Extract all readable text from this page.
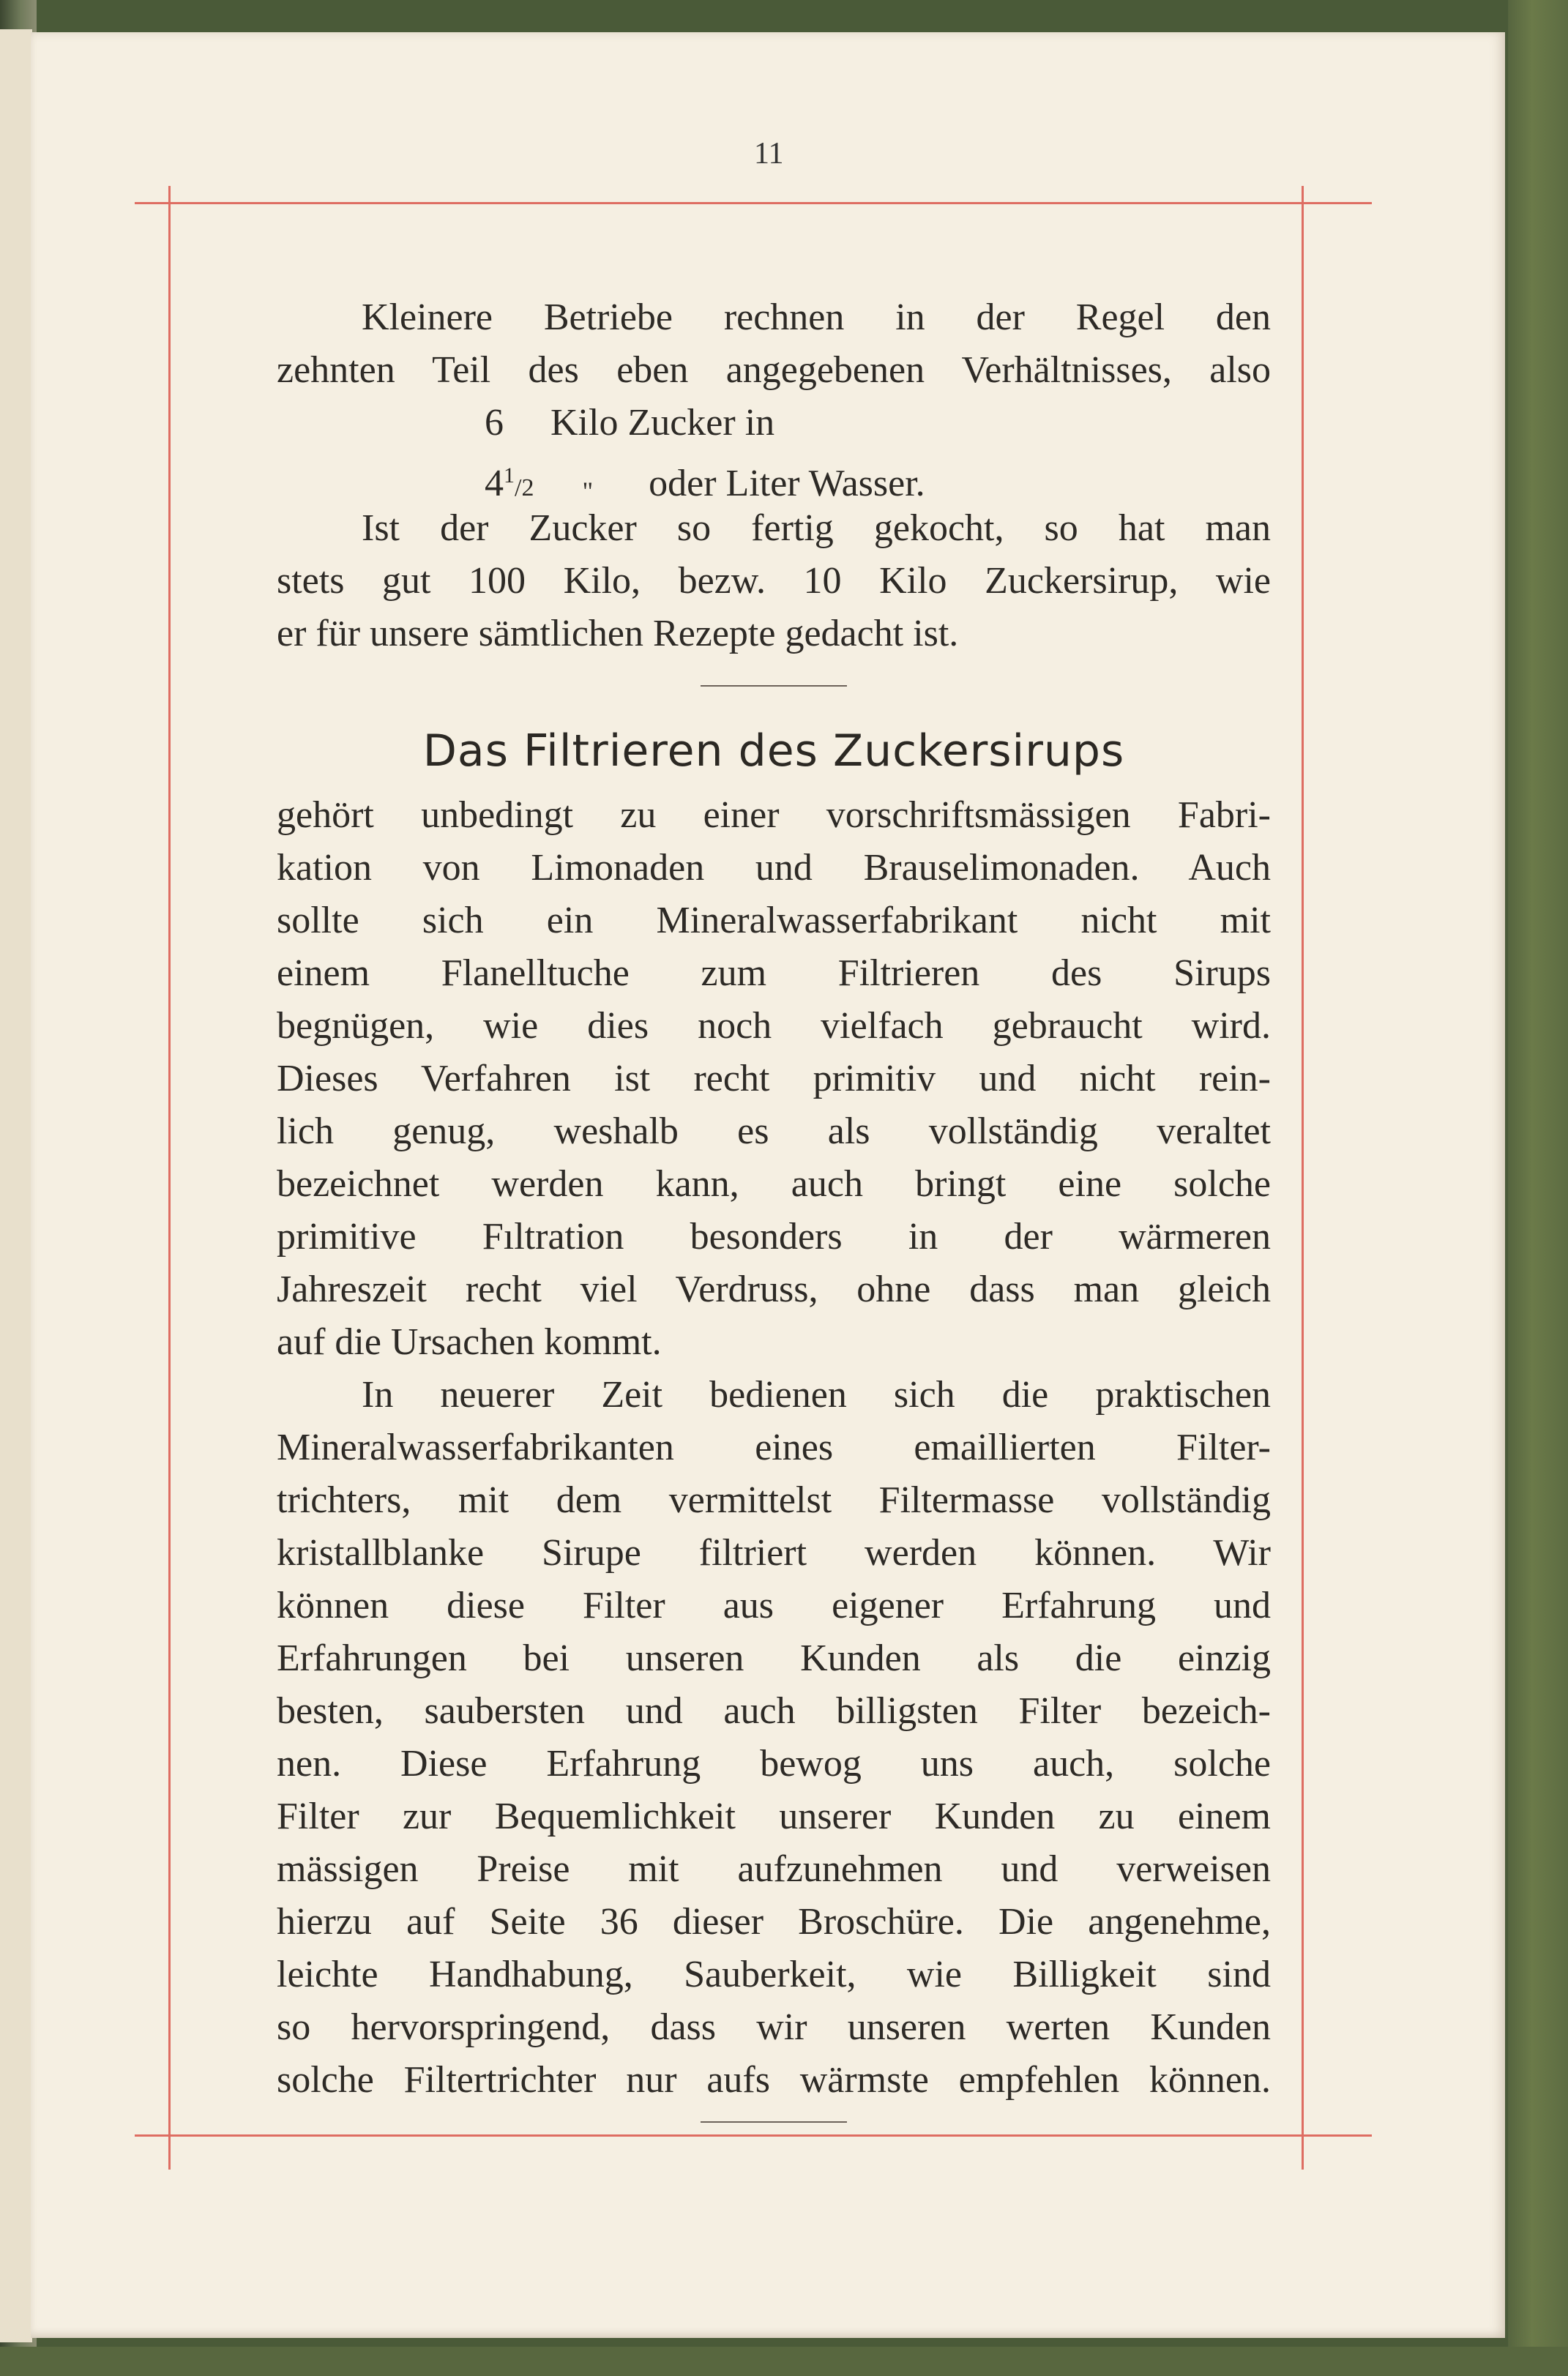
11
Kleinere Betriebe rechnen in der Regel den
zehnten Teil des eben angegebenen Verhältnisses, also
6 Kilo Zucker in
$4^1/2$ " oder Liter Wasser.
Ist der Zucker so fertig gekocht, so hat man
stets gut 100 Kilo, bezw. 10 Kilo Zuckersirup, wie
er für unsere sämtlichen Rezepte gedacht ist.
Das Filtrieren des Zuckersirups
gehört unbedingt zu einer vorschriftsmässigen Fabri-
kation von Limonaden und Brauselimonaden. Auch
sollte sich ein Mineralwasserfabrikant nicht mit
einem Flanelltuche zum Filtrieren des Sirups
begnügen, wie dies noch vielfach gebraucht wird.
Dieses Verfahren ist recht primitiv und nicht rein-
lich genug, weshalb es als vollständig veraltet
bezeichnet werden kann, auch bringt eine solche
primitive Fıltration besonders in der wärmeren
Jahreszeit recht viel Verdruss, ohne dass man gleich
auf die Ursachen kommt.
In neuerer Zeit bedienen sich die praktischen
Mineralwasserfabrikanten eines emaillierten Filter-
trichters, mit dem vermittelst Filtermasse vollständig
kristallblanke Sirupe filtriert werden können. Wir
können diese Filter aus eigener Erfahrung und
Erfahrungen bei unseren Kunden als die einzig
besten, saubersten und auch billigsten Filter bezeich-
nen. Diese Erfahrung bewog uns auch, solche
Filter zur Bequemlichkeit unserer Kunden zu einem
mässigen Preise mit aufzunehmen und verweisen
hierzu auf Seite 36 dieser Broschüre. Die angenehme,
leichte Handhabung, Sauberkeit, wie Billigkeit sind
so hervorspringend, dass wir unseren werten Kunden
solche Filtertrichter nur aufs wärmste empfehlen können.
